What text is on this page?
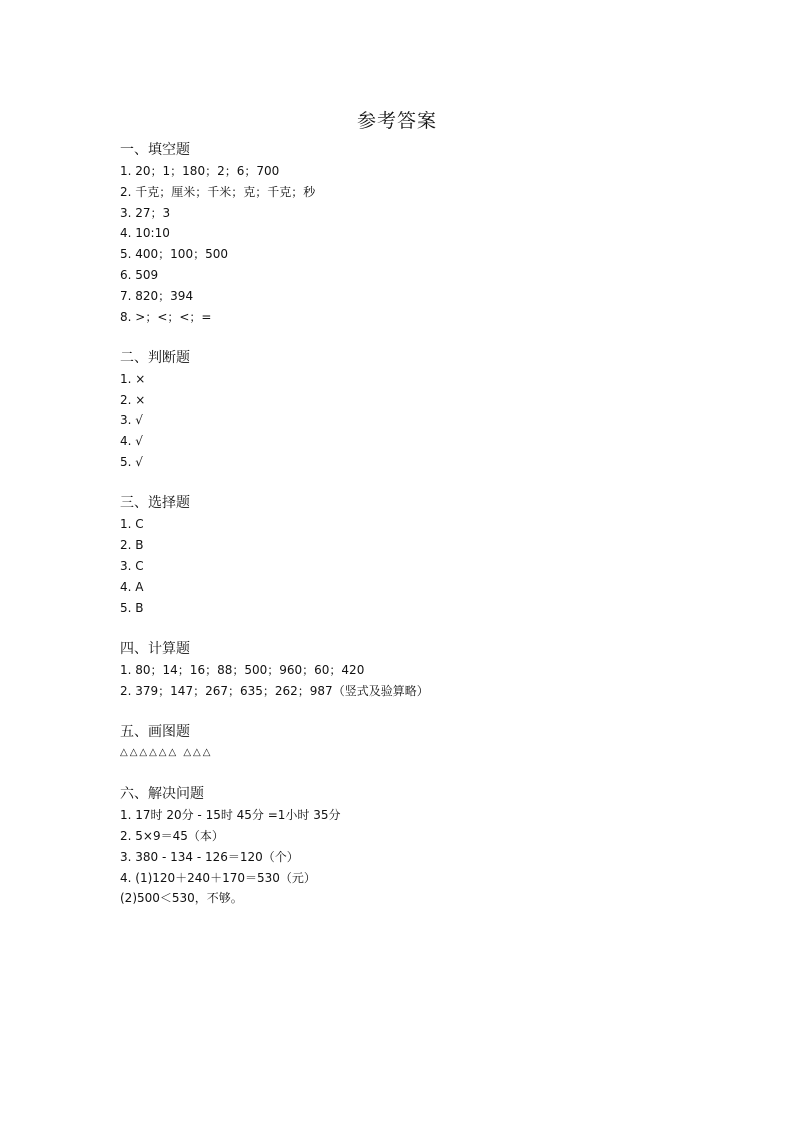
参考答案
一、填空题
1. 20；1；180；2；6；700
2. 千克；厘米；千米；克；千克；秒
3. 27；3
4. 10:10
5. 400；100；500
6. 509
7. 820；394
8. >；<；<；=
二、判断题
1. ×
2. ×
3. √
4. √
5. √
三、选择题
1. C
2. B
3. C
4. A
5. B
四、计算题
1. 80；14；16；88；500；960；60；420
2. 379；147；267；635；262；987（竖式及验算略）
五、画图题
△△△△△△ △△△
六、解决问题
1. 17时 20分 - 15时 45分 =1小时 35分
2. 5×9＝45（本）
3. 380 - 134 - 126＝120（个）
4. (1)120＋240＋170＝530（元）
(2)500＜530，不够。
